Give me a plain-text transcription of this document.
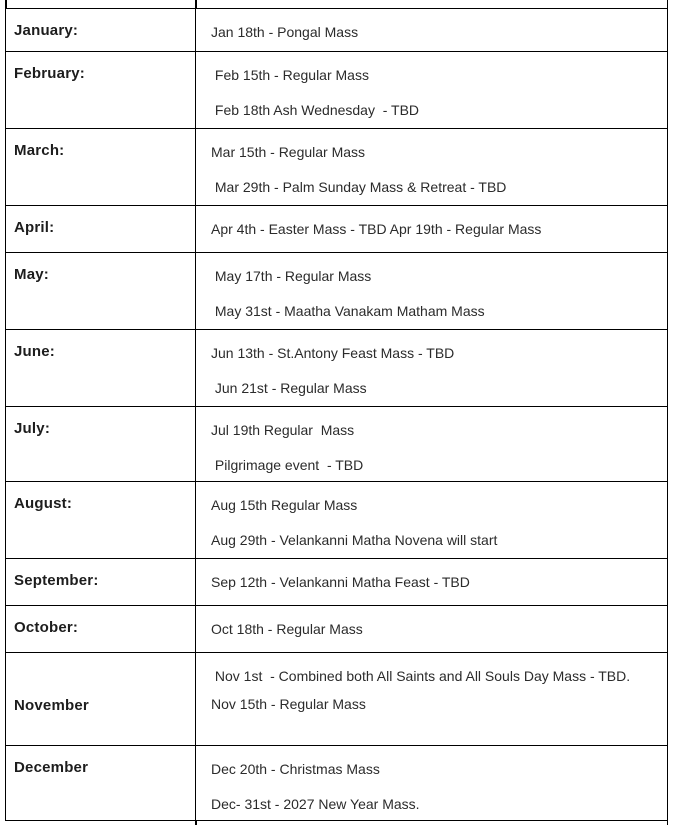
January:	Jan 18th - Pongal Mass
February:	Feb 15th - Regular Mass
Feb 18th Ash Wednesday  - TBD
March:	Mar 15th - Regular Mass
Mar 29th - Palm Sunday Mass & Retreat - TBD
April:	Apr 4th - Easter Mass - TBD Apr 19th - Regular Mass
May:	May 17th - Regular Mass
May 31st - Maatha Vanakam Matham Mass
June:	Jun 13th - St.Antony Feast Mass - TBD
Jun 21st - Regular Mass
July:	Jul 19th Regular  Mass
Pilgrimage event  - TBD
August:	Aug 15th Regular Mass
Aug 29th - Velankanni Matha Novena will start
September:	Sep 12th - Velankanni Matha Feast - TBD
October:	Oct 18th - Regular Mass
November
Nov 1st  - Combined both All Saints and All Souls Day Mass - TBD.
Nov 15th - Regular Mass
December	Dec 20th - Christmas Mass
Dec- 31st - 2027 New Year Mass.
